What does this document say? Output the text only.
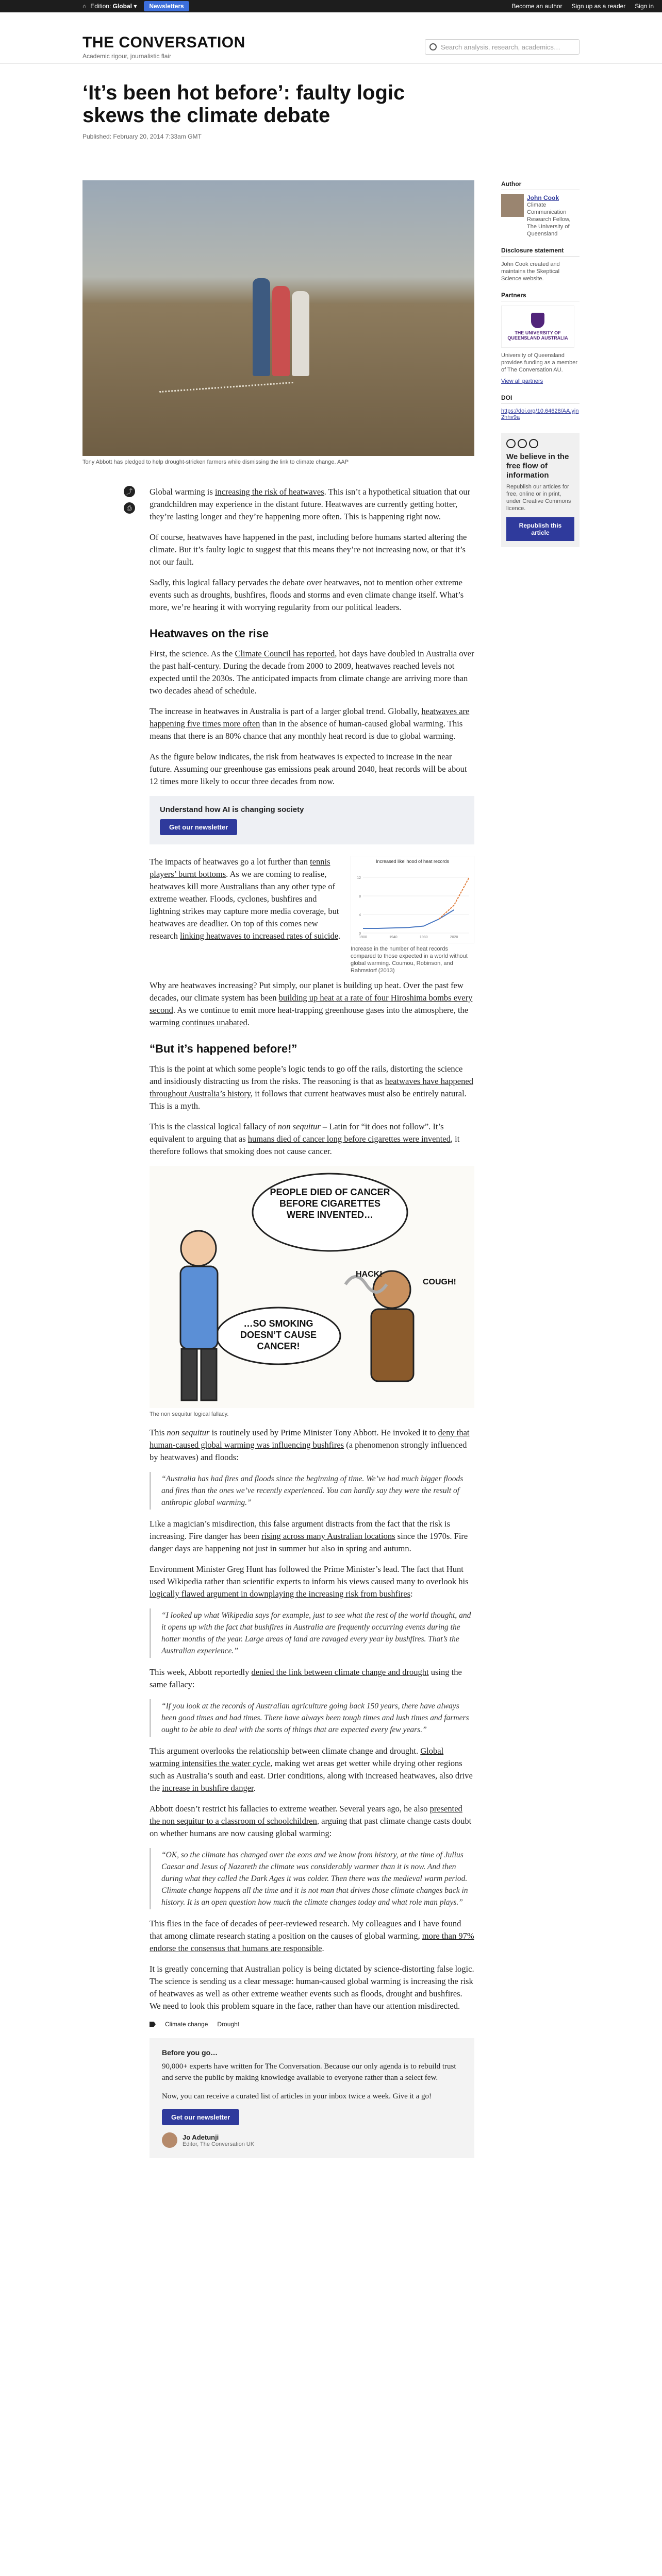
⌂ Edition: Global ▾	Newsletters	Become an author Sign up as a reader Sign in
THE CONVERSATION
Academic rigour, journalistic flair
Search analysis, research, academics…
‘It’s been hot before’: faulty logic skews the climate debate
Published: February 20, 2014 7:33am GMT
Tony Abbott has pledged to help drought-stricken farmers while dismissing the link to climate change. AAP
⤴
⎙

Global warming is increasing the risk of heatwaves. This isn’t a hypothetical situation that our grandchildren may experience in the distant future. Heatwaves are currently getting hotter, they’re lasting longer and they’re happening more often. This is happening right now.

Of course, heatwaves have happened in the past, including before humans started altering the climate. But it’s faulty logic to suggest that this means they’re not increasing now, or that it’s not our fault.

Sadly, this logical fallacy pervades the debate over heatwaves, not to mention other extreme events such as droughts, bushfires, floods and storms and even climate change itself. What’s more, we’re hearing it with worrying regularity from our political leaders.

Heatwaves on the rise

First, the science. As the Climate Council has reported, hot days have doubled in Australia over the past half-century. During the decade from 2000 to 2009, heatwaves reached levels not expected until the 2030s. The anticipated impacts from climate change are arriving more than two decades ahead of schedule.

The increase in heatwaves in Australia is part of a larger global trend. Globally, heatwaves are happening five times more often than in the absence of human-caused global warming. This means that there is an 80% chance that any monthly heat record is due to global warming.

As the figure below indicates, the risk from heatwaves is expected to increase in the near future. Assuming our greenhouse gas emissions peak around 2040, heat records will be about 12 times more likely to occur three decades from now.

Understand how AI is changing society
Get our newsletter
Increased likelihood of heat records
0
4
8
12
1900	1940	1980	2020
Increase in the number of heat records compared to those expected in a world without global warming. Coumou, Robinson, and Rahmstorf (2013)

The impacts of heatwaves go a lot further than tennis players’ burnt bottoms. As we are coming to realise, heatwaves kill more Australians than any other type of extreme weather. Floods, cyclones, bushfires and lightning strikes may capture more media coverage, but heatwaves are deadlier. On top of this comes new research linking heatwaves to increased rates of suicide.

Why are heatwaves increasing? Put simply, our planet is building up heat. Over the past few decades, our climate system has been building up heat at a rate of four Hiroshima bombs every second. As we continue to emit more heat-trapping greenhouse gases into the atmosphere, the warming continues unabated.

“But it’s happened before!”

This is the point at which some people’s logic tends to go off the rails, distorting the science and insidiously distracting us from the risks. The reasoning is that as heatwaves have happened throughout Australia’s history, it follows that current heatwaves must also be entirely natural. This is a myth.

This is the classical logical fallacy of non sequitur – Latin for “it does not follow”. It’s equivalent to arguing that as humans died of cancer long before cigarettes were invented, it therefore follows that smoking does not cause cancer.

PEOPLE DIED OF CANCER BEFORE CIGARETTES WERE INVENTED…
…SO SMOKING DOESN’T CAUSE CANCER!
HACK!
COUGH!
The non sequitur logical fallacy.

This non sequitur is routinely used by Prime Minister Tony Abbott. He invoked it to deny that human-caused global warming was influencing bushfires (a phenomenon strongly influenced by heatwaves) and floods:

“Australia has had fires and floods since the beginning of time. We’ve had much bigger floods and fires than the ones we’ve recently experienced. You can hardly say they were the result of anthropic global warming.”

Like a magician’s misdirection, this false argument distracts from the fact that the risk is increasing. Fire danger has been rising across many Australian locations since the 1970s. Fire danger days are happening not just in summer but also in spring and autumn.

Environment Minister Greg Hunt has followed the Prime Minister’s lead. The fact that Hunt used Wikipedia rather than scientific experts to inform his views caused many to overlook his logically flawed argument in downplaying the increasing risk from bushfires:

“I looked up what Wikipedia says for example, just to see what the rest of the world thought, and it opens up with the fact that bushfires in Australia are frequently occurring events during the hotter months of the year. Large areas of land are ravaged every year by bushfires. That’s the Australian experience.”

This week, Abbott reportedly denied the link between climate change and drought using the same fallacy:

“If you look at the records of Australian agriculture going back 150 years, there have always been good times and bad times. There have always been tough times and lush times and farmers ought to be able to deal with the sorts of things that are expected every few years.”

This argument overlooks the relationship between climate change and drought. Global warming intensifies the water cycle, making wet areas get wetter while drying other regions such as Australia’s south and east. Drier conditions, along with increased heatwaves, also drive the increase in bushfire danger.

Abbott doesn’t restrict his fallacies to extreme weather. Several years ago, he also presented the non sequitur to a classroom of schoolchildren, arguing that past climate change casts doubt on whether humans are now causing global warming:

“OK, so the climate has changed over the eons and we know from history, at the time of Julius Caesar and Jesus of Nazareth the climate was considerably warmer than it is now. And then during what they called the Dark Ages it was colder. Then there was the medieval warm period. Climate change happens all the time and it is not man that drives those climate changes back in history. It is an open question how much the climate changes today and what role man plays.”

This flies in the face of decades of peer-reviewed research. My colleagues and I have found that among climate research stating a position on the causes of global warming, more than 97% endorse the consensus that humans are responsible.

It is greatly concerning that Australian policy is being dictated by science-distorting false logic. The science is sending us a clear message: human-caused global warming is increasing the risk of heatwaves as well as other extreme weather events such as floods, drought and bushfires. We need to look this problem square in the face, rather than have our attention misdirected.

Climate change Drought
Before you go…

90,000+ experts have written for The Conversation. Because our only agenda is to rebuild trust and serve the public by making knowledge available to everyone rather than a select few.

Now, you can receive a curated list of articles in your inbox twice a week. Give it a go!

Get our newsletter
Jo Adetunji
Editor, The Conversation UK
Author
John Cook
Climate Communication Research Fellow, The University of Queensland
Disclosure statement
John Cook created and maintains the Skeptical Science website.
Partners
THE UNIVERSITY OF QUEENSLAND AUSTRALIA
University of Queensland provides funding as a member of The Conversation AU.
View all partners
DOI
https://doi.org/10.64628/AA.yjn2hhv9a
We believe in the free flow of information
Republish our articles for free, online or in print, under Creative Commons licence.
Republish this article
